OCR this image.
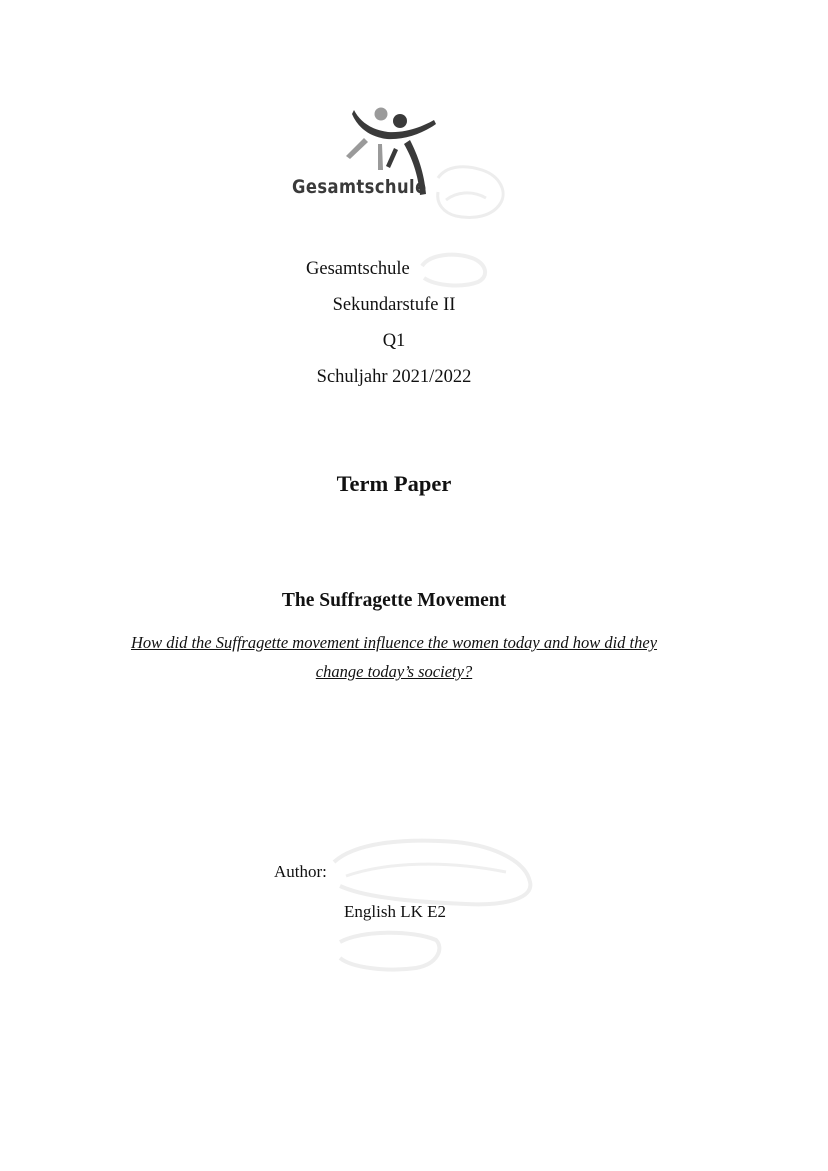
Gesamtschule
Gesamtschule
Sekundarstufe II
Q1
Schuljahr 2021/2022
Term Paper
The Suffragette Movement
How did the Suffragette movement influence the women today and how did they
change today’s society?
Author:
English LK E2
